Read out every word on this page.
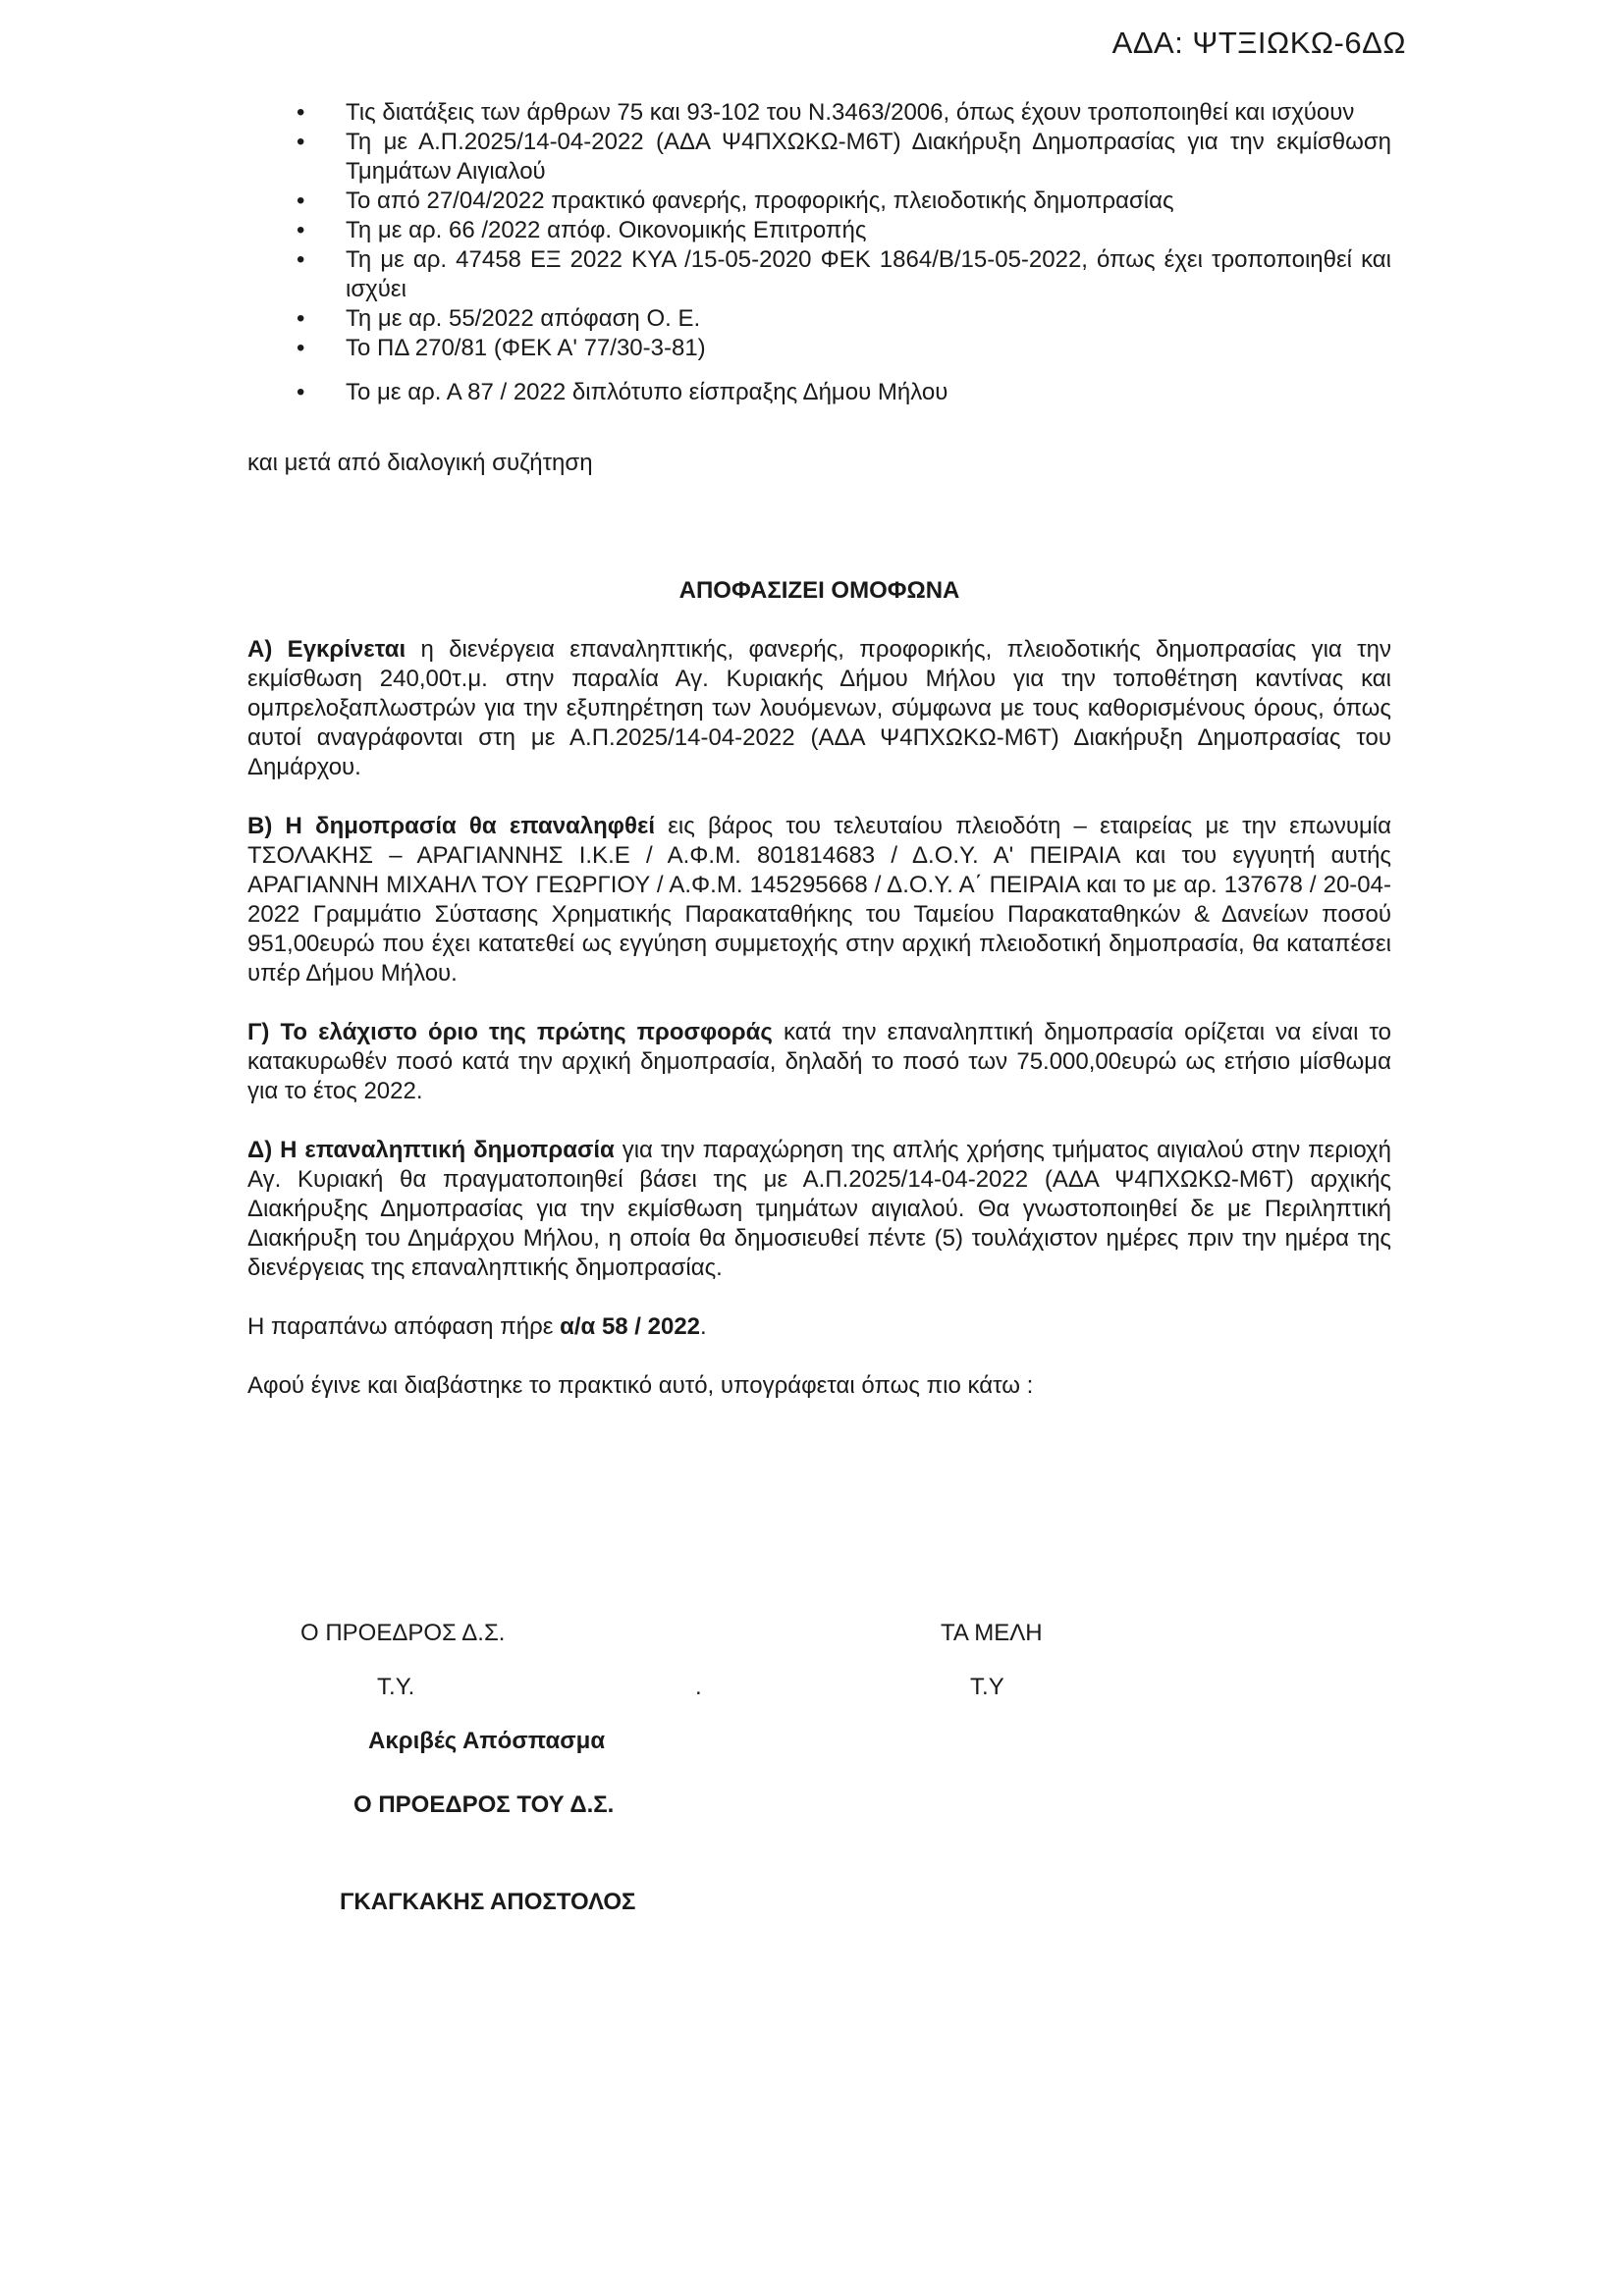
ΑΔΑ: ΨΤΞΙΩΚΩ-6ΔΩ
• Τις διατάξεις των άρθρων 75 και 93-102 του Ν.3463/2006, όπως έχουν τροποποιηθεί και ισχύουν
• Τη με Α.Π.2025/14-04-2022 (ΑΔΑ Ψ4ΠΧΩΚΩ-Μ6Τ) Διακήρυξη Δημοπρασίας για την εκμίσθωση Τμημάτων Αιγιαλού
• Το από 27/04/2022 πρακτικό φανερής, προφορικής, πλειοδοτικής δημοπρασίας
• Τη με αρ. 66 /2022 απόφ. Οικονομικής Επιτροπής
• Τη με αρ. 47458 ΕΞ 2022 ΚΥΑ /15-05-2020 ΦΕΚ 1864/Β/15-05-2022, όπως έχει τροποποιηθεί και ισχύει
• Τη με αρ. 55/2022 απόφαση Ο. Ε.
• Το ΠΔ 270/81 (ΦΕΚ Α' 77/30-3-81)
• Το με αρ. Α 87 / 2022 διπλότυπο είσπραξης Δήμου Μήλου

και μετά από διαλογική συζήτηση

ΑΠΟΦΑΣΙΖΕΙ ΟΜΟΦΩΝΑ

Α) Εγκρίνεται η διενέργεια επαναληπτικής, φανερής, προφορικής, πλειοδοτικής δημοπρασίας για την εκμίσθωση 240,00τ.μ. στην παραλία Αγ. Κυριακής Δήμου Μήλου για την τοποθέτηση καντίνας και ομπρελοξαπλωστρών για την εξυπηρέτηση των λουόμενων, σύμφωνα με τους καθορισμένους όρους, όπως αυτοί αναγράφονται στη με Α.Π.2025/14-04-2022 (ΑΔΑ Ψ4ΠΧΩΚΩ-Μ6Τ) Διακήρυξη Δημοπρασίας του Δημάρχου.

Β) Η δημοπρασία θα επαναληφθεί εις βάρος του τελευταίου πλειοδότη – εταιρείας με την επωνυμία ΤΣΟΛΑΚΗΣ – ΑΡΑΓΙΑΝΝΗΣ Ι.Κ.Ε / Α.Φ.Μ. 801814683 / Δ.Ο.Υ. Α' ΠΕΙΡΑΙΑ και του εγγυητή αυτής ΑΡΑΓΙΑΝΝΗ ΜΙΧΑΗΛ ΤΟΥ ΓΕΩΡΓΙΟΥ / Α.Φ.Μ. 145295668 / Δ.Ο.Υ. Α΄ ΠΕΙΡΑΙΑ και το με αρ. 137678 / 20-04-2022 Γραμμάτιο Σύστασης Χρηματικής Παρακαταθήκης του Ταμείου Παρακαταθηκών & Δανείων ποσού 951,00ευρώ που έχει κατατεθεί ως εγγύηση συμμετοχής στην αρχική πλειοδοτική δημοπρασία, θα καταπέσει υπέρ Δήμου Μήλου.

Γ) Το ελάχιστο όριο της πρώτης προσφοράς κατά την επαναληπτική δημοπρασία ορίζεται να είναι το κατακυρωθέν ποσό κατά την αρχική δημοπρασία, δηλαδή το ποσό των 75.000,00ευρώ ως ετήσιο μίσθωμα για το έτος 2022.

Δ) Η επαναληπτική δημοπρασία για την παραχώρηση της απλής χρήσης τμήματος αιγιαλού στην περιοχή Αγ. Κυριακή θα πραγματοποιηθεί βάσει της με Α.Π.2025/14-04-2022 (ΑΔΑ Ψ4ΠΧΩΚΩ-Μ6Τ) αρχικής Διακήρυξης Δημοπρασίας για την εκμίσθωση τμημάτων αιγιαλού. Θα γνωστοποιηθεί δε με Περιληπτική Διακήρυξη του Δημάρχου Μήλου, η οποία θα δημοσιευθεί πέντε (5) τουλάχιστον ημέρες πριν την ημέρα της διενέργειας της επαναληπτικής δημοπρασίας.

Η παραπάνω απόφαση πήρε α/α 58 / 2022.

Αφού έγινε και διαβάστηκε το πρακτικό αυτό, υπογράφεται όπως πιο κάτω :

Ο ΠΡΟΕΔΡΟΣ Δ.Σ.	ΤΑ ΜΕΛΗ
Τ.Υ.	.	Τ.Υ
Ακριβές Απόσπασμα
Ο ΠΡΟΕΔΡΟΣ ΤΟΥ Δ.Σ.
ΓΚΑΓΚΑΚΗΣ ΑΠΟΣΤΟΛΟΣ
